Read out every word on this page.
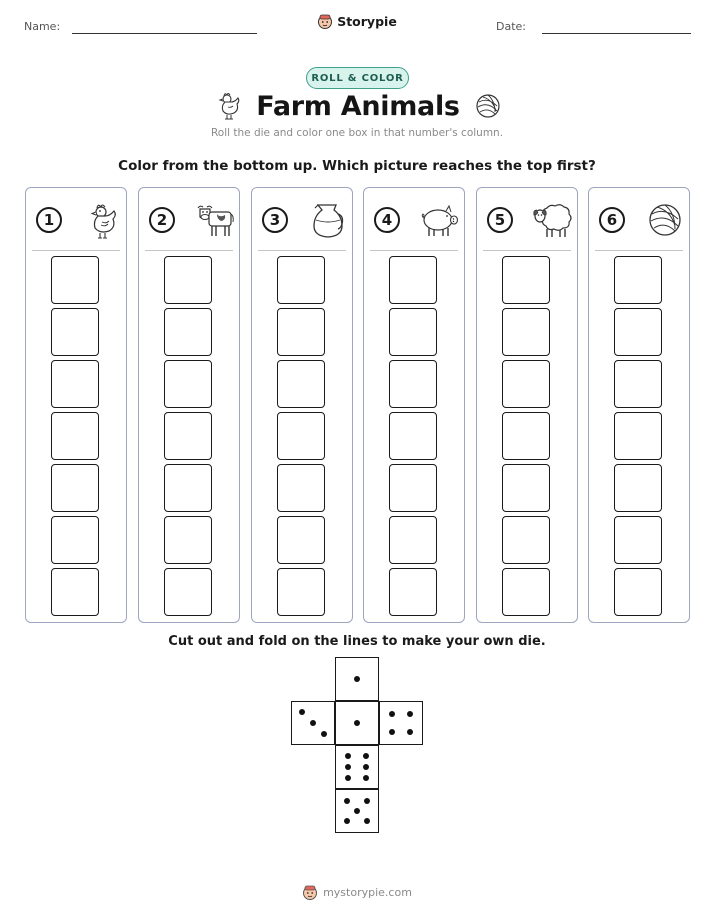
Name:	Storypie	Date:
ROLL & COLOR
Farm Animals
Roll the die and color one box in that number's column.
Color from the bottom up. Which picture reaches the top first?
1	2	3	4	5	6
Cut out and fold on the lines to make your own die.
mystorypie.com
